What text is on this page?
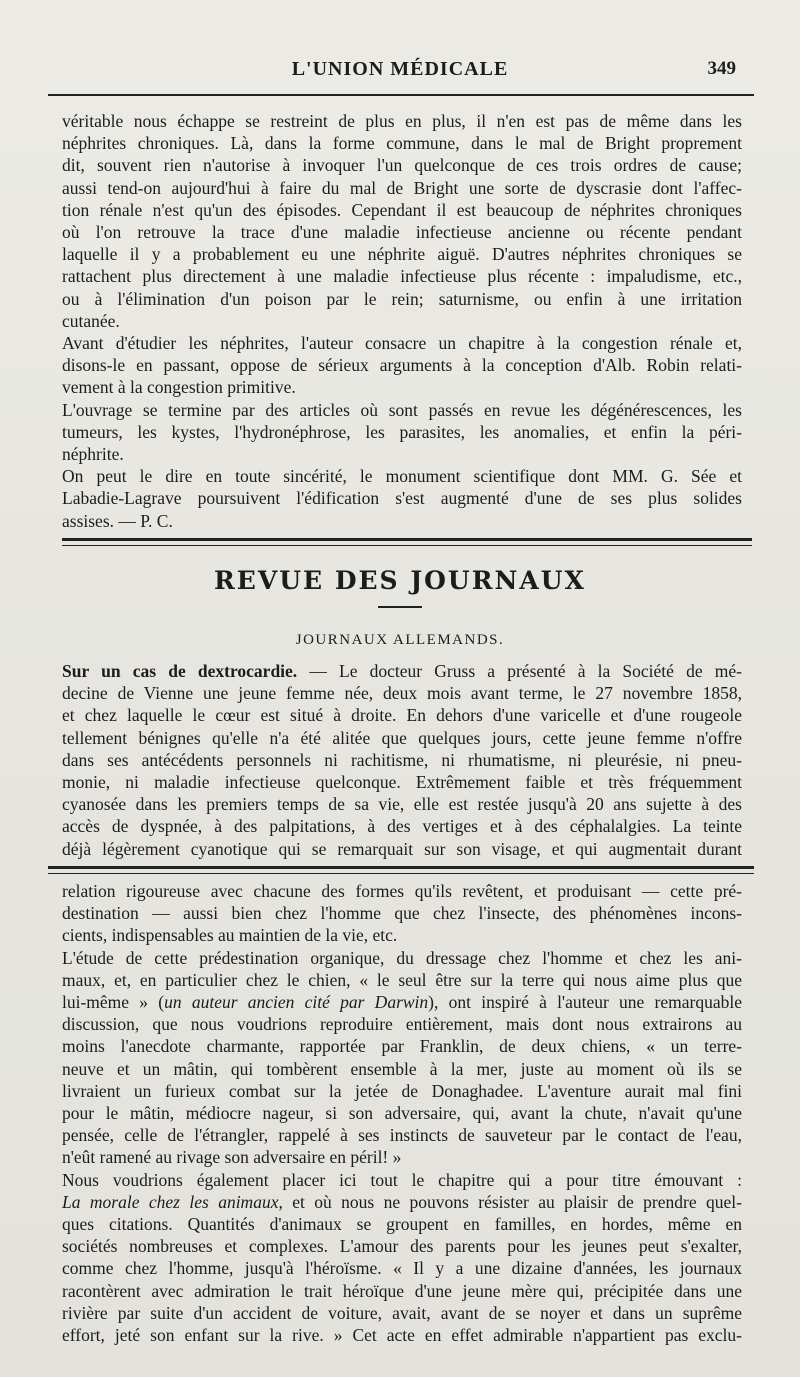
L'UNION MÉDICALE	349
véritable nous échappe se restreint de plus en plus, il n'en est pas de même dans les
néphrites chroniques. Là, dans la forme commune, dans le mal de Bright proprement
dit, souvent rien n'autorise à invoquer l'un quelconque de ces trois ordres de cause;
aussi tend-on aujourd'hui à faire du mal de Bright une sorte de dyscrasie dont l'affec-
tion rénale n'est qu'un des épisodes. Cependant il est beaucoup de néphrites chroniques
où l'on retrouve la trace d'une maladie infectieuse ancienne ou récente pendant
laquelle il y a probablement eu une néphrite aiguë. D'autres néphrites chroniques se
rattachent plus directement à une maladie infectieuse plus récente : impaludisme, etc.,
ou à l'élimination d'un poison par le rein; saturnisme, ou enfin à une irritation
cutanée.
Avant d'étudier les néphrites, l'auteur consacre un chapitre à la congestion rénale et,
disons-le en passant, oppose de sérieux arguments à la conception d'Alb. Robin relati-
vement à la congestion primitive.
L'ouvrage se termine par des articles où sont passés en revue les dégénérescences, les
tumeurs, les kystes, l'hydronéphrose, les parasites, les anomalies, et enfin la péri-
néphrite.
On peut le dire en toute sincérité, le monument scientifique dont MM. G. Sée et
Labadie-Lagrave poursuivent l'édification s'est augmenté d'une de ses plus solides
assises. — P. C.
REVUE DES JOURNAUX
JOURNAUX ALLEMANDS.
Sur un cas de dextrocardie. — Le docteur Gruss a présenté à la Société de mé-
decine de Vienne une jeune femme née, deux mois avant terme, le 27 novembre 1858,
et chez laquelle le cœur est situé à droite. En dehors d'une varicelle et d'une rougeole
tellement bénignes qu'elle n'a été alitée que quelques jours, cette jeune femme n'offre
dans ses antécédents personnels ni rachitisme, ni rhumatisme, ni pleurésie, ni pneu-
monie, ni maladie infectieuse quelconque. Extrêmement faible et très fréquemment
cyanosée dans les premiers temps de sa vie, elle est restée jusqu'à 20 ans sujette à des
accès de dyspnée, à des palpitations, à des vertiges et à des céphalalgies. La teinte
déjà légèrement cyanotique qui se remarquait sur son visage, et qui augmentait durant
relation rigoureuse avec chacune des formes qu'ils revêtent, et produisant — cette pré-
destination — aussi bien chez l'homme que chez l'insecte, des phénomènes incons-
cients, indispensables au maintien de la vie, etc.
L'étude de cette prédestination organique, du dressage chez l'homme et chez les ani-
maux, et, en particulier chez le chien, « le seul être sur la terre qui nous aime plus que
lui-même » (un auteur ancien cité par Darwin), ont inspiré à l'auteur une remarquable
discussion, que nous voudrions reproduire entièrement, mais dont nous extrairons au
moins l'anecdote charmante, rapportée par Franklin, de deux chiens, « un terre-
neuve et un mâtin, qui tombèrent ensemble à la mer, juste au moment où ils se
livraient un furieux combat sur la jetée de Donaghadee. L'aventure aurait mal fini
pour le mâtin, médiocre nageur, si son adversaire, qui, avant la chute, n'avait qu'une
pensée, celle de l'étrangler, rappelé à ses instincts de sauveteur par le contact de l'eau,
n'eût ramené au rivage son adversaire en péril! »
Nous voudrions également placer ici tout le chapitre qui a pour titre émouvant :
La morale chez les animaux, et où nous ne pouvons résister au plaisir de prendre quel-
ques citations. Quantités d'animaux se groupent en familles, en hordes, même en
sociétés nombreuses et complexes. L'amour des parents pour les jeunes peut s'exalter,
comme chez l'homme, jusqu'à l'héroïsme. « Il y a une dizaine d'années, les journaux
racontèrent avec admiration le trait héroïque d'une jeune mère qui, précipitée dans une
rivière par suite d'un accident de voiture, avait, avant de se noyer et dans un suprême
effort, jeté son enfant sur la rive. » Cet acte en effet admirable n'appartient pas exclu-
